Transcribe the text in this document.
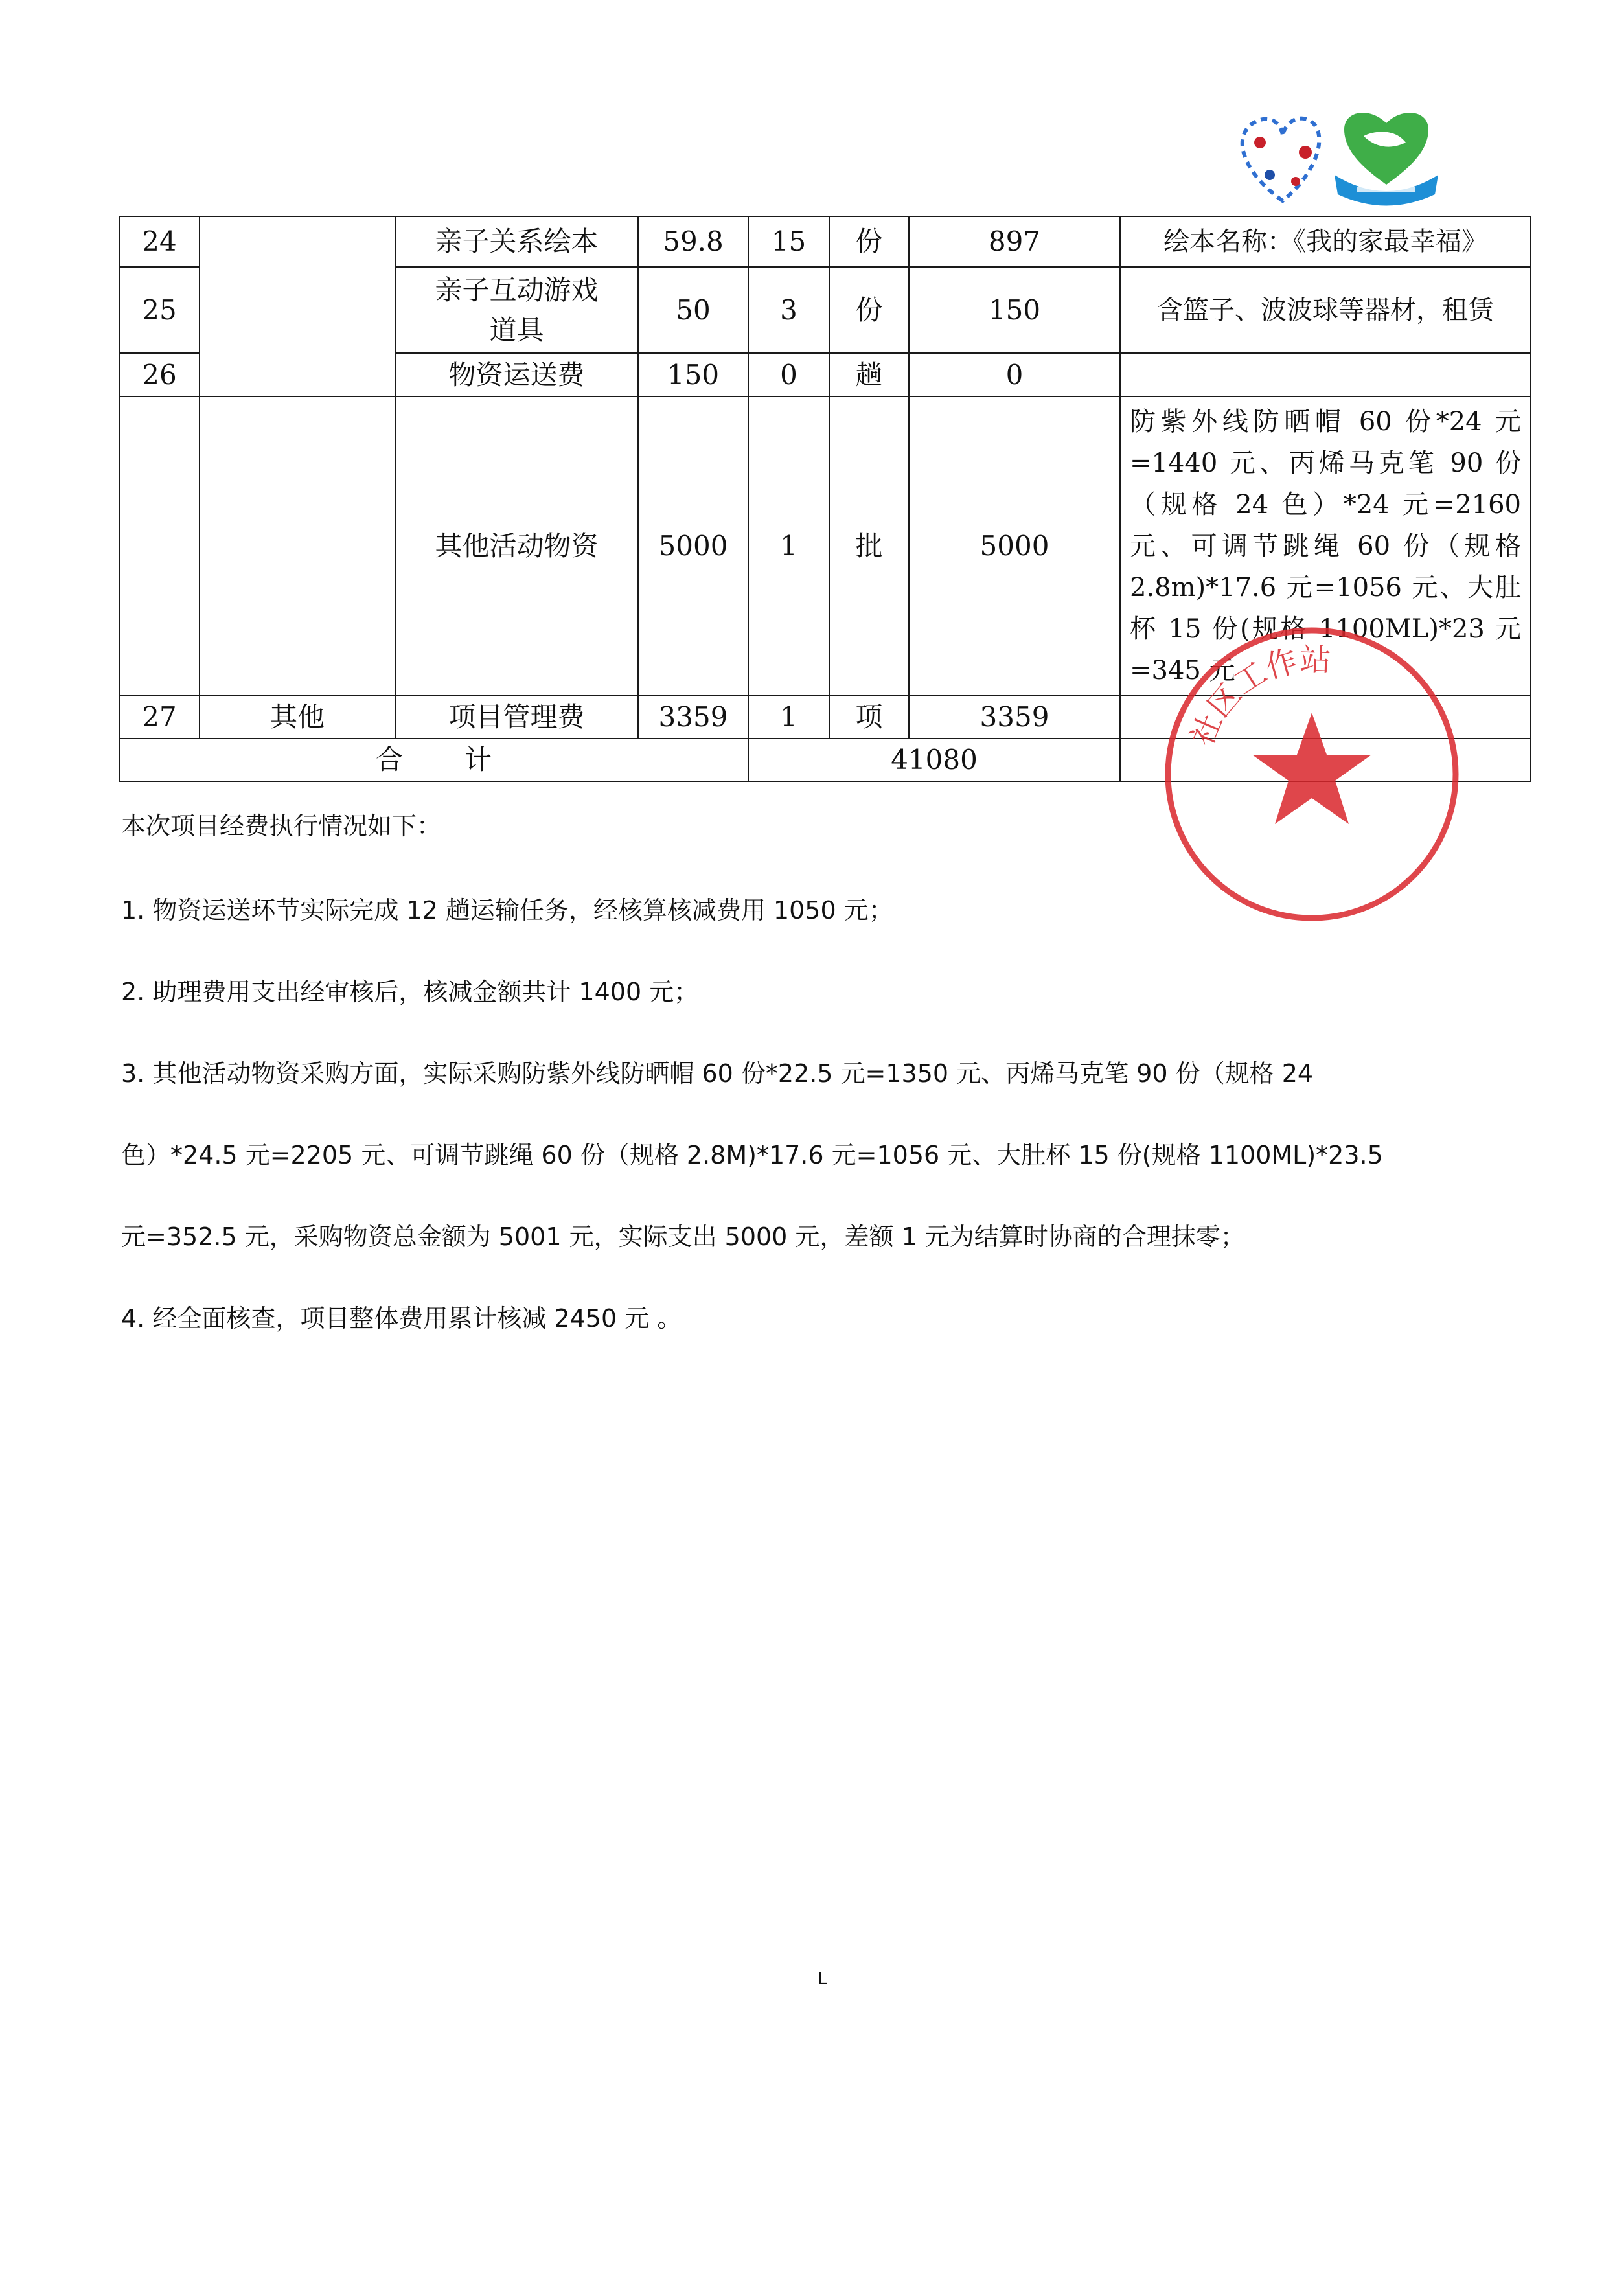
24		亲子关系绘本	59.8	15	份	897	绘本名称：《我的家最幸福》
25		亲子互动游戏道具	50	3	份	150	含篮子、波波球等器材，租赁
26		物资运送费	150	0	趟	0	
		其他活动物资	5000	1	批	5000	防紫外线防晒帽 60 份*24 元=1440 元、丙烯马克笔 90 份（规格 24 色）*24 元=2160 元、可调节跳绳 60 份（规格 2.8m)*17.6 元=1056 元、大肚杯 15 份(规格 1100ML)*23 元=345 元
27	其他	项目管理费	3359	1	项	3359	
合计				41080			

本次项目经费执行情况如下：

1. 物资运送环节实际完成 12 趟运输任务，经核算核减费用 1050 元；

2. 助理费用支出经审核后，核减金额共计 1400 元；

3. 其他活动物资采购方面，实际采购防紫外线防晒帽 60 份*22.5 元=1350 元、丙烯马克笔 90 份（规格 24

色）*24.5 元=2205 元、可调节跳绳 60 份（规格 2.8M)*17.6 元=1056 元、大肚杯 15 份(规格 1100ML)*23.5

元=352.5 元，采购物资总金额为 5001 元，实际支出 5000 元，差额 1 元为结算时协商的合理抹零；

4. 经全面核查，项目整体费用累计核减 2450 元 。

社区工作站
L
